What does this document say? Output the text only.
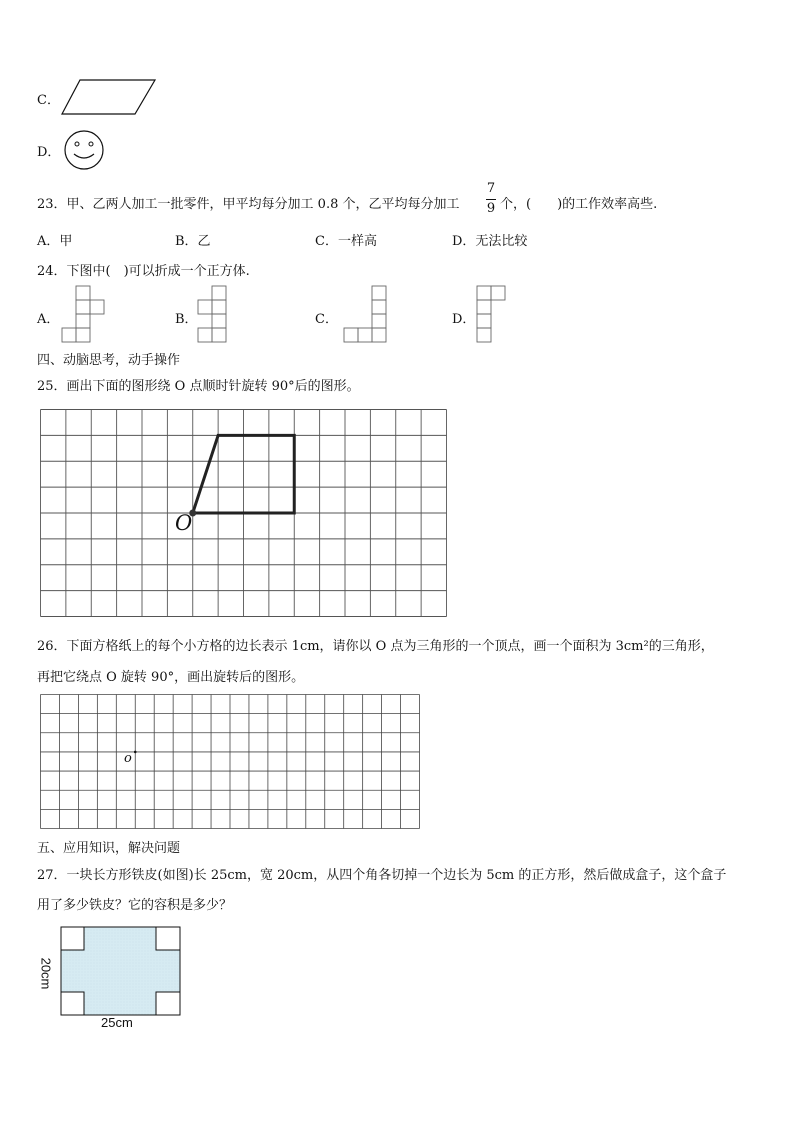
C．
D．
23．甲、乙两人加工一批零件，甲平均每分加工 0.8 个，乙平均每分加工
7
9 个，(　　)的工作效率高些.
A．甲	B．乙	C．一样高	D．无法比较
24．下图中(　)可以折成一个正方体.
A．	B．	C．	D．
四、动脑思考，动手操作
25．画出下面的图形绕 O 点顺时针旋转 90°后的图形。
O
26．下面方格纸上的每个小方格的边长表示 1cm，请你以 O 点为三角形的一个顶点，画一个面积为 3cm²的三角形，
再把它绕点 O 旋转 90°，画出旋转后的图形。
o
五、应用知识，解决问题
27．一块长方形铁皮(如图)长 25cm，宽 20cm，从四个角各切掉一个边长为 5cm 的正方形，然后做成盒子，这个盒子
用了多少铁皮？它的容积是多少？
25cm
20cm
